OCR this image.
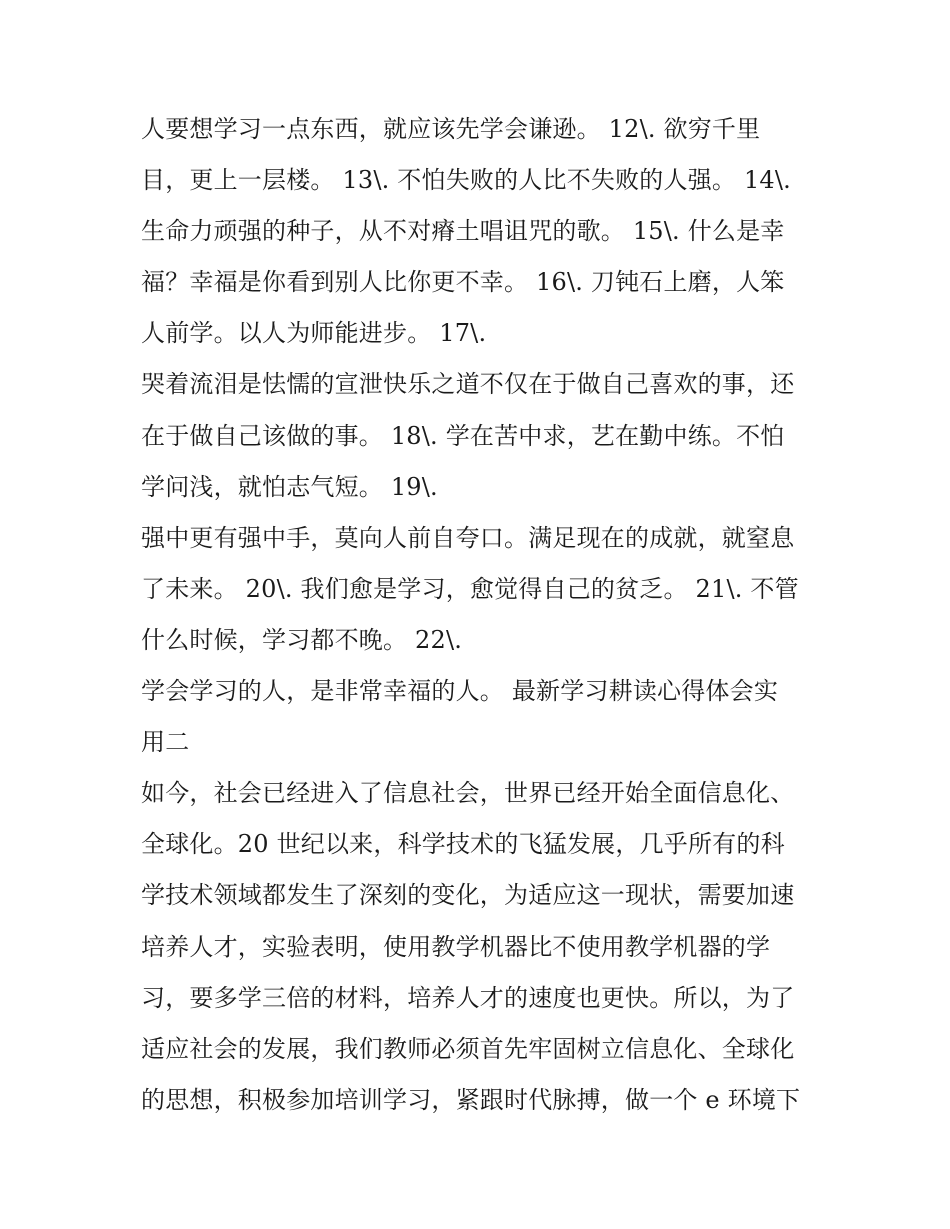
人要想学习一点东西，就应该先学会谦逊。 12\. 欲穷千里
目，更上一层楼。 13\. 不怕失败的人比不失败的人强。 14\.
生命力顽强的种子，从不对瘠土唱诅咒的歌。 15\. 什么是幸
福？幸福是你看到别人比你更不幸。 16\. 刀钝石上磨，人笨
人前学。以人为师能进步。 17\.
哭着流泪是怯懦的宣泄快乐之道不仅在于做自己喜欢的事，还
在于做自己该做的事。 18\. 学在苦中求，艺在勤中练。不怕
学问浅，就怕志气短。 19\.
强中更有强中手，莫向人前自夸口。满足现在的成就，就窒息
了未来。 20\. 我们愈是学习，愈觉得自己的贫乏。 21\. 不管
什么时候，学习都不晚。 22\.
学会学习的人，是非常幸福的人。 最新学习耕读心得体会实
用二
如今，社会已经进入了信息社会，世界已经开始全面信息化、
全球化。20 世纪以来，科学技术的飞猛发展，几乎所有的科
学技术领域都发生了深刻的变化，为适应这一现状，需要加速
培养人才，实验表明，使用教学机器比不使用教学机器的学
习，要多学三倍的材料，培养人才的速度也更快。所以，为了
适应社会的发展，我们教师必须首先牢固树立信息化、全球化
的思想，积极参加培训学习，紧跟时代脉搏，做一个 e 环境下
